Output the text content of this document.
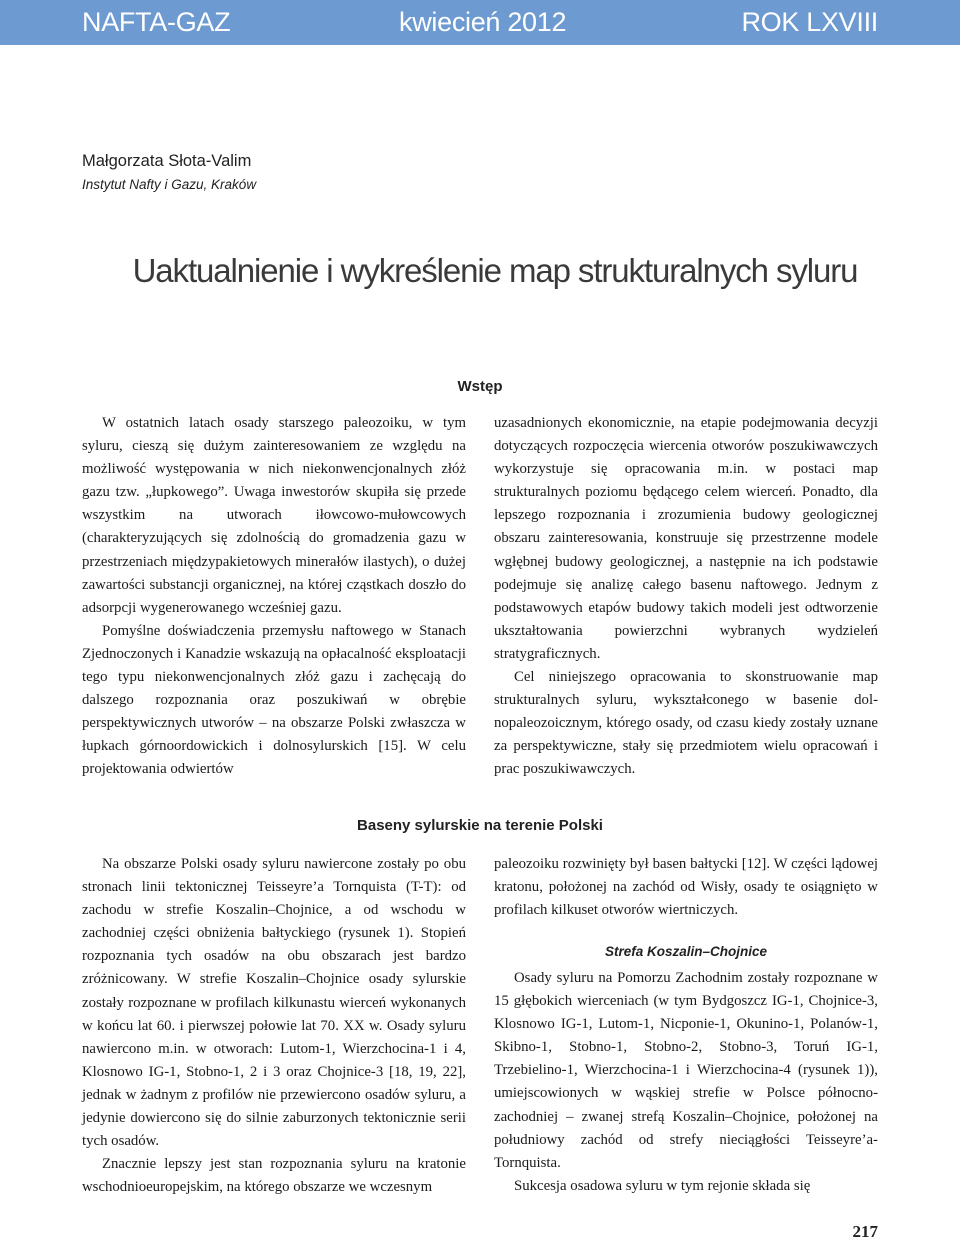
NAFTA-GAZ	kwiecień 2012	ROK LXVIII
Małgorzata Słota-Valim
Instytut Nafty i Gazu, Kraków
Uaktualnienie i wykreślenie map strukturalnych syluru
Wstęp

W ostatnich latach osady starszego paleozoiku, w tym syluru, cieszą się dużym zainteresowaniem ze względu na możliwość występowania w nich niekonwencjonalnych złóż gazu tzw. „łupkowego”. Uwaga inwestorów skupiła się przede wszystkim na utworach iłowcowo-mułowcowych (charakteryzujących się zdolnością do gromadzenia gazu w przestrzeniach międzypakietowych minerałów ilastych), o dużej zawartości substancji organicznej, na której cząstkach doszło do adsorpcji wygenerowanego wcześniej gazu.

Pomyślne doświadczenia przemysłu naftowego w Stanach Zjednoczonych i Kanadzie wskazują na opłacalność eksploatacji tego typu niekonwencjonalnych złóż gazu i zachęcają do dalszego rozpoznania oraz poszukiwań w obrębie perspektywicznych utworów – na obszarze Polski zwłaszcza w łupkach górnoordowickich i dolnosylurskich [15]. W celu projektowania odwiertów

uzasadnionych ekonomicznie, na etapie podejmowania decyzji dotyczących rozpoczęcia wiercenia otworów poszukiwawczych wykorzystuje się opracowania m.in. w postaci map strukturalnych poziomu będącego celem wierceń. Ponadto, dla lepszego rozpoznania i zrozumienia budowy geologicznej obszaru zainteresowania, konstruuje się przestrzenne modele wgłębnej budowy geologicznej, a następnie na ich podstawie podejmuje się analizę całego basenu naftowego. Jednym z podstawowych etapów budowy takich modeli jest odtworzenie ukształtowania powierzchni wybranych wydzieleń stratygraficznych.

Cel niniejszego opracowania to skonstruowanie map strukturalnych syluru, wykształconego w basenie dolnopaleozoicznym, którego osady, od czasu kiedy zostały uznane za perspektywiczne, stały się przedmiotem wielu opracowań i prac poszukiwawczych.

Baseny sylurskie na terenie Polski

Na obszarze Polski osady syluru nawiercone zostały po obu stronach linii tektonicznej Teisseyre’a Tornquista (T-T): od zachodu w strefie Koszalin–Chojnice, a od wschodu w zachodniej części obniżenia bałtyckiego (rysunek 1). Stopień rozpoznania tych osadów na obu obszarach jest bardzo zróżnicowany. W strefie Koszalin–Chojnice osady sylurskie zostały rozpoznane w profilach kilkunastu wierceń wykonanych w końcu lat 60. i pierwszej połowie lat 70. XX w. Osady syluru nawiercono m.in. w otworach: Lutom-1, Wierzchocina-1 i 4, Klosnowo IG-1, Stobno-1, 2 i 3 oraz Chojnice-3 [18, 19, 22], jednak w żadnym z profilów nie przewiercono osadów syluru, a jedynie dowiercono się do silnie zaburzonych tektonicznie serii tych osadów.

Znacznie lepszy jest stan rozpoznania syluru na kratonie wschodnioeuropejskim, na którego obszarze we wczesnym

paleozoiku rozwinięty był basen bałtycki [12]. W części lądowej kratonu, położonej na zachód od Wisły, osady te osiągnięto w profilach kilkuset otworów wiertniczych.

Strefa Koszalin–Chojnice

Osady syluru na Pomorzu Zachodnim zostały rozpoznane w 15 głębokich wierceniach (w tym Bydgoszcz IG-1, Chojnice-3, Klosnowo IG-1, Lutom-1, Nicponie-1, Okunino-1, Polanów-1, Skibno-1, Stobno-1, Stobno-2, Stobno-3, Toruń IG-1, Trzebielino-1, Wierzchocina-1 i Wierzchocina-4 (rysunek 1)), umiejscowionych w wąskiej strefie w Polsce północno-zachodniej – zwanej strefą Koszalin–Chojnice, położonej na południowy zachód od strefy nieciągłości Teisseyre’a-Tornquista.

Sukcesja osadowa syluru w tym rejonie składa się

217
